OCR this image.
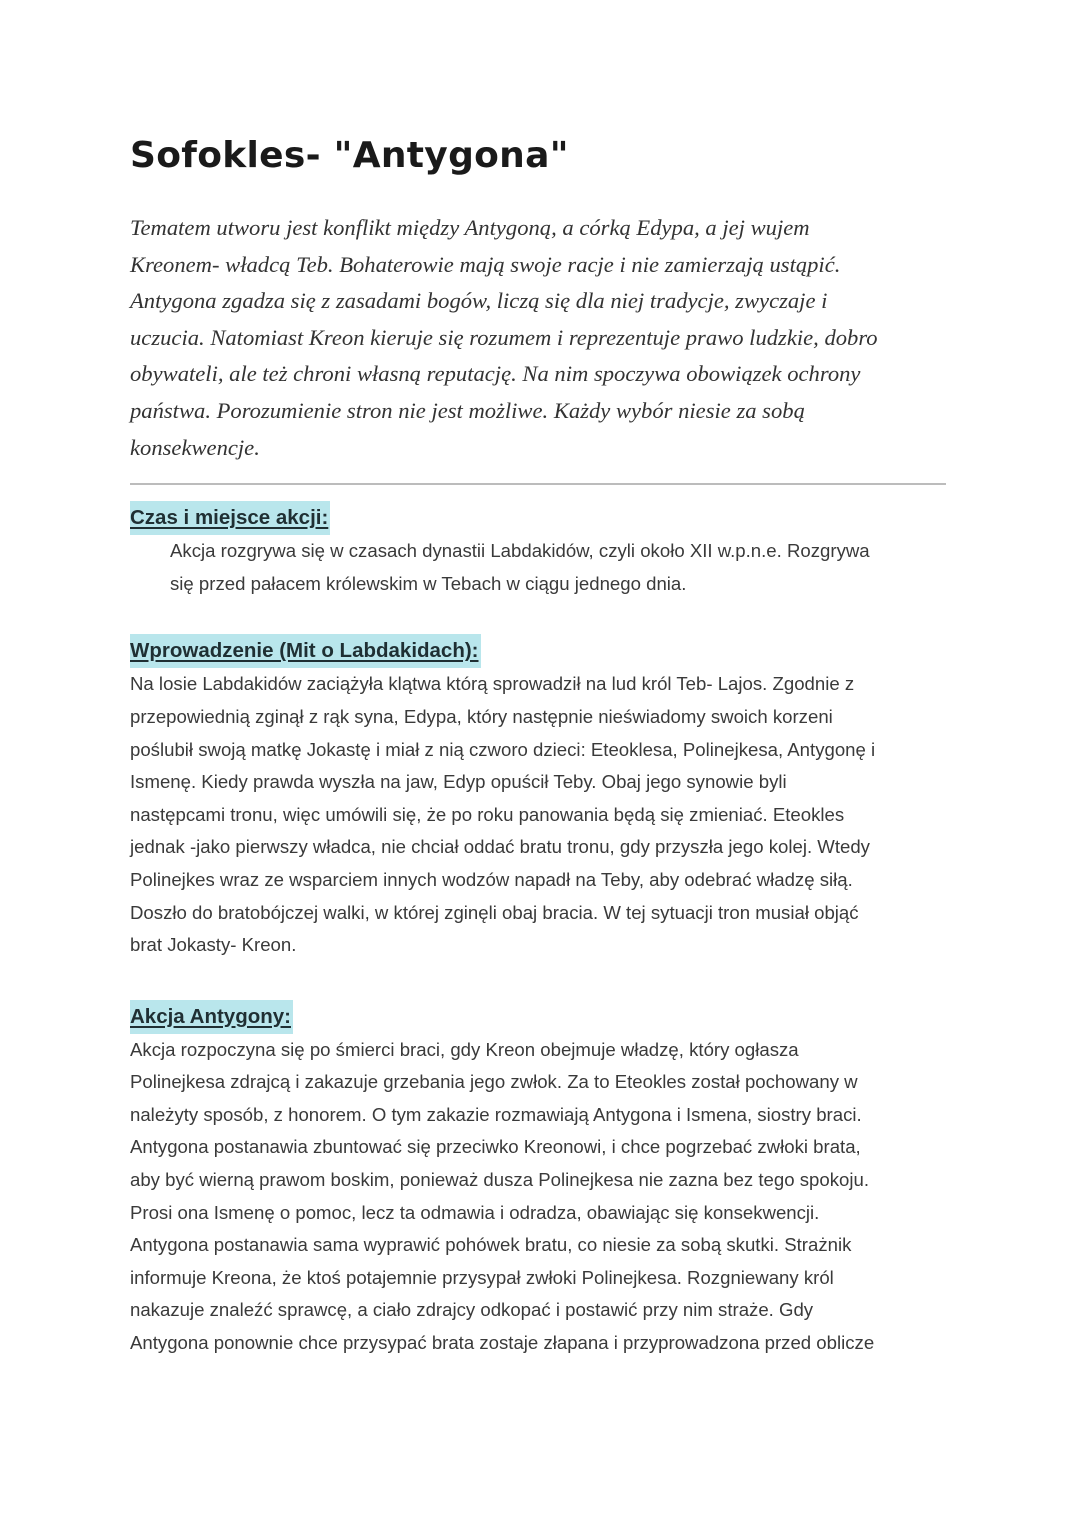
Sofokles- "Antygona"
Tematem utworu jest konflikt między Antygoną, a córką Edypa, a jej wujem
Kreonem- władcą Teb. Bohaterowie mają swoje racje i nie zamierzają ustąpić.
Antygona zgadza się z zasadami bogów, liczą się dla niej tradycje, zwyczaje i
uczucia. Natomiast Kreon kieruje się rozumem i reprezentuje prawo ludzkie, dobro
obywateli, ale też chroni własną reputację. Na nim spoczywa obowiązek ochrony
państwa. Porozumienie stron nie jest możliwe. Każdy wybór niesie za sobą
konsekwencje.
Czas i miejsce akcji:
Akcja rozgrywa się w czasach dynastii Labdakidów, czyli około XII w.p.n.e. Rozgrywa
się przed pałacem królewskim w Tebach w ciągu jednego dnia.
Wprowadzenie (Mit o Labdakidach):
Na losie Labdakidów zaciążyła klątwa którą sprowadził na lud król Teb- Lajos. Zgodnie z
przepowiednią zginął z rąk syna, Edypa, który następnie nieświadomy swoich korzeni
poślubił swoją matkę Jokastę i miał z nią czworo dzieci: Eteoklesa, Polinejkesa, Antygonę i
Ismenę. Kiedy prawda wyszła na jaw, Edyp opuścił Teby. Obaj jego synowie byli
następcami tronu, więc umówili się, że po roku panowania będą się zmieniać. Eteokles
jednak -jako pierwszy władca, nie chciał oddać bratu tronu, gdy przyszła jego kolej. Wtedy
Polinejkes wraz ze wsparciem innych wodzów napadł na Teby, aby odebrać władzę siłą.
Doszło do bratobójczej walki, w której zginęli obaj bracia. W tej sytuacji tron musiał objąć
brat Jokasty- Kreon.
Akcja Antygony:
Akcja rozpoczyna się po śmierci braci, gdy Kreon obejmuje władzę, który ogłasza
Polinejkesa zdrajcą i zakazuje grzebania jego zwłok. Za to Eteokles został pochowany w
należyty sposób, z honorem. O tym zakazie rozmawiają Antygona i Ismena, siostry braci.
Antygona postanawia zbuntować się przeciwko Kreonowi, i chce pogrzebać zwłoki brata,
aby być wierną prawom boskim, ponieważ dusza Polinejkesa nie zazna bez tego spokoju.
Prosi ona Ismenę o pomoc, lecz ta odmawia i odradza, obawiając się konsekwencji.
Antygona postanawia sama wyprawić pohówek bratu, co niesie za sobą skutki. Strażnik
informuje Kreona, że ktoś potajemnie przysypał zwłoki Polinejkesa. Rozgniewany król
nakazuje znaleźć sprawcę, a ciało zdrajcy odkopać i postawić przy nim straże. Gdy
Antygona ponownie chce przysypać brata zostaje złapana i przyprowadzona przed oblicze
